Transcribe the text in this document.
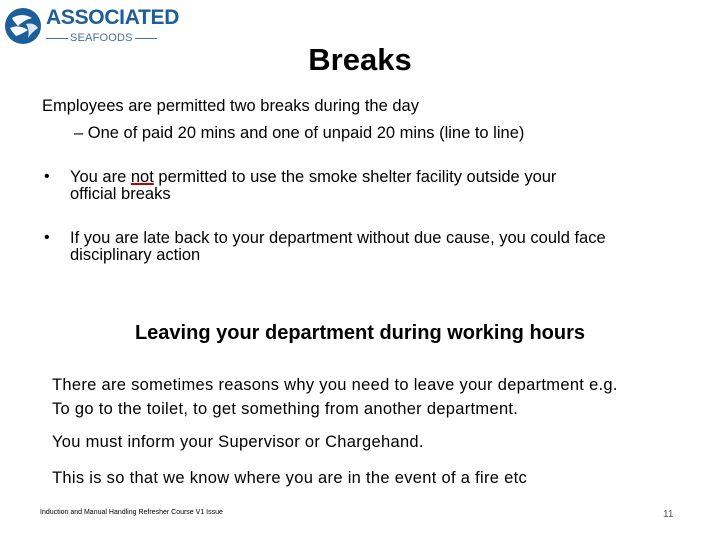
ASSOCIATED
SEAFOODS
Breaks
Employees are permitted two breaks during the day
– One of paid 20 mins and one of unpaid 20 mins (line to line)
• You are not permitted to use the smoke shelter facility outside your
official breaks
• If you are late back to your department without due cause, you could face
disciplinary action
Leaving your department during working hours
There are sometimes reasons why you need to leave your department e.g.
To go to the toilet, to get something from another department.
You must inform your Supervisor or Chargehand.
This is so that we know where you are in the event of a fire etc
Induction and Manual Handling Refresher Course V1 Issue	11
